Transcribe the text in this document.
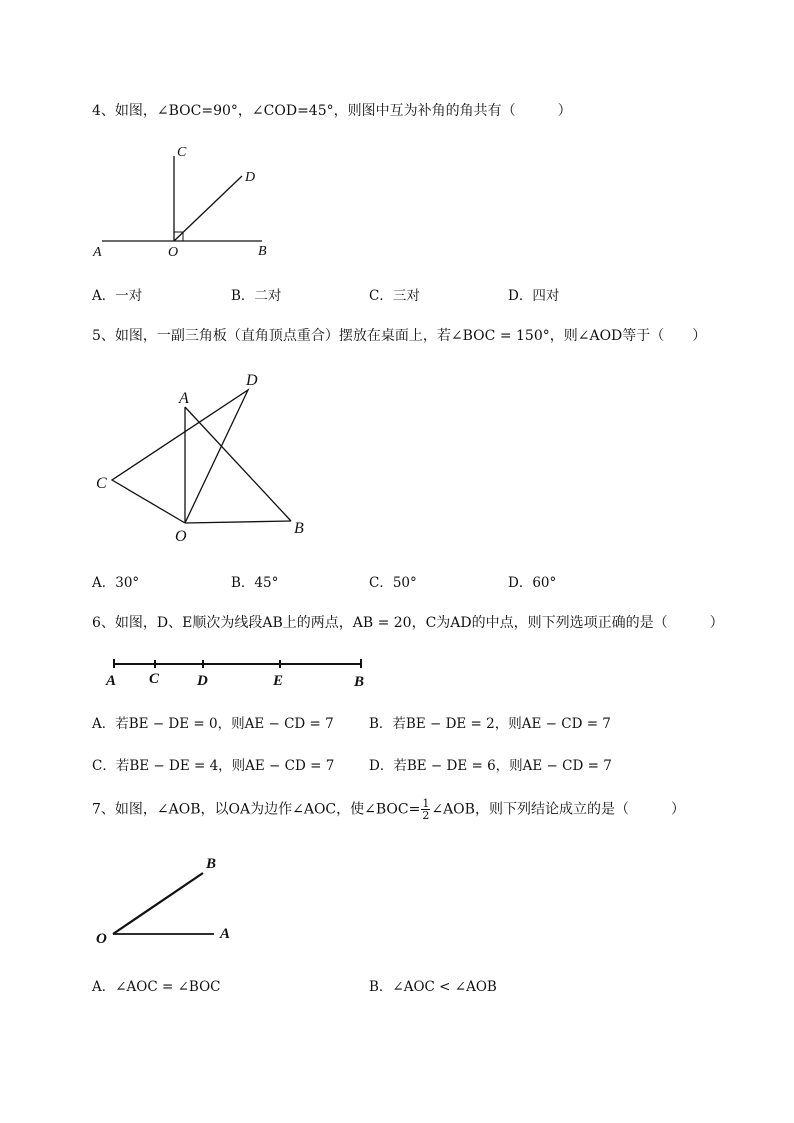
4、如图，∠BOC=90°，∠COD=45°，则图中互为补角的角共有（　　　）
C
D
A	O	B
A．一对	B．二对	C．三对	D．四对
5、如图，一副三角板（直角顶点重合）摆放在桌面上，若∠BOC = 150°，则∠AOD等于（　　）
D
A
C
O	B
A．30°	B．45°	C．50°	D．60°
6、如图，D、E顺次为线段AB上的两点，AB = 20，C为AD的中点，则下列选项正确的是（　　　）
A C	D	E	B
A．若BE − DE = 0，则AE − CD = 7	B．若BE − DE = 2，则AE − CD = 7
C．若BE − DE = 4，则AE − CD = 7	D．若BE − DE = 6，则AE − CD = 7
7、如图，∠AOB，以OA为边作∠AOC，使∠BOC= $\frac{1}{2}$ ∠AOB，则下列结论成立的是（　　　）
B
O	A
A．∠AOC = ∠BOC	B．∠AOC < ∠AOB
